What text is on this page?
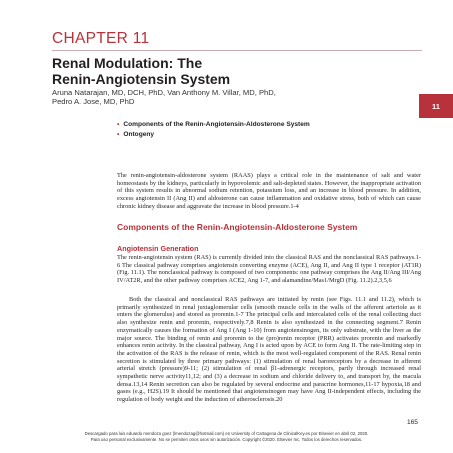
CHAPTER 11
Renal Modulation: The
Renin-Angiotensin System
Aruna Natarajan, MD, DCH, PhD, Van Anthony M. Villar, MD, PhD,
Pedro A. Jose, MD, PhD	11
• Components of the Renin-Angiotensin-Aldosterone System
• Ontogeny

The renin-angiotensin-aldosterone system (RAAS) plays a critical role in the maintenance of salt and water homeostasis by the kidneys, particularly in hypovolemic and salt-depleted states. However, the inappropriate activation of this system results in abnormal sodium retention, potassium loss, and an increase in blood pressure. In addition, excess angiotensin II (Ang II) and aldosterone can cause inflammation and oxidative stress, both of which can cause chronic kidney disease and aggravate the increase in blood pressure.1-4

Components of the Renin-Angiotensin-Aldosterone System
Angiotensin Generation

The renin-angiotensin system (RAS) is currently divided into the classical RAS and the nonclassical RAS pathways.1-6 The classical pathway comprises angiotensin converting enzyme (ACE), Ang II, and Ang II type 1 receptor (AT1R) (Fig. 11.1). The nonclassical pathway is composed of two components: one pathway comprises the Ang II/Ang III/Ang IV/AT2R, and the other pathway comprises ACE2, Ang 1-7, and alamandine/Mas1/MrgD (Fig. 11.2).2,3,5,6

Both the classical and nonclassical RAS pathways are initiated by renin (see Figs. 11.1 and 11.2), which is primarily synthesized in renal juxtaglomerular cells (smooth muscle cells in the walls of the afferent arteriole as it enters the glomerulus) and stored as prorenin.1-7 The principal cells and intercalated cells of the renal collecting duct also synthesize renin and prorenin, respectively.7,8 Renin is also synthesized in the connecting segment.7 Renin enzymatically causes the formation of Ang I (Ang 1-10) from angiotensinogen, its only substrate, with the liver as the major source. The binding of renin and prorenin to the (pro)renin receptor (PRR) activates prorenin and markedly enhances renin activity. In the classical pathway, Ang I is acted upon by ACE to form Ang II. The rate-limiting step in the activation of the RAS is the release of renin, which is the most well-regulated component of the RAS. Renal renin secretion is stimulated by three primary pathways: (1) stimulation of renal baroreceptors by a decrease in afferent arterial stretch (pressure)9-11; (2) stimulation of renal β1-adrenergic receptors, partly through increased renal sympathetic nerve activity11,12; and (3) a decrease in sodium and chloride delivery to, and transport by, the macula densa.13,14 Renin secretion can also be regulated by several endocrine and paracrine hormones,11-17 hypoxia,18 and gases (e.g., H2S).19 It should be mentioned that angiotensinogen may have Ang II-independent effects, including the regulation of body weight and the induction of atherosclerosis.20

165
Descargado para luis eduardo mendoza goez (lmendozag@hotmail.com) en University of Cartagena de ClinicalKey.es por Elsevier en abril 02, 2020.
Para uso personal exclusivamente. No se permiten otros usos sin autorización. Copyright ©2020. Elsevier Inc. Todos los derechos reservados.
